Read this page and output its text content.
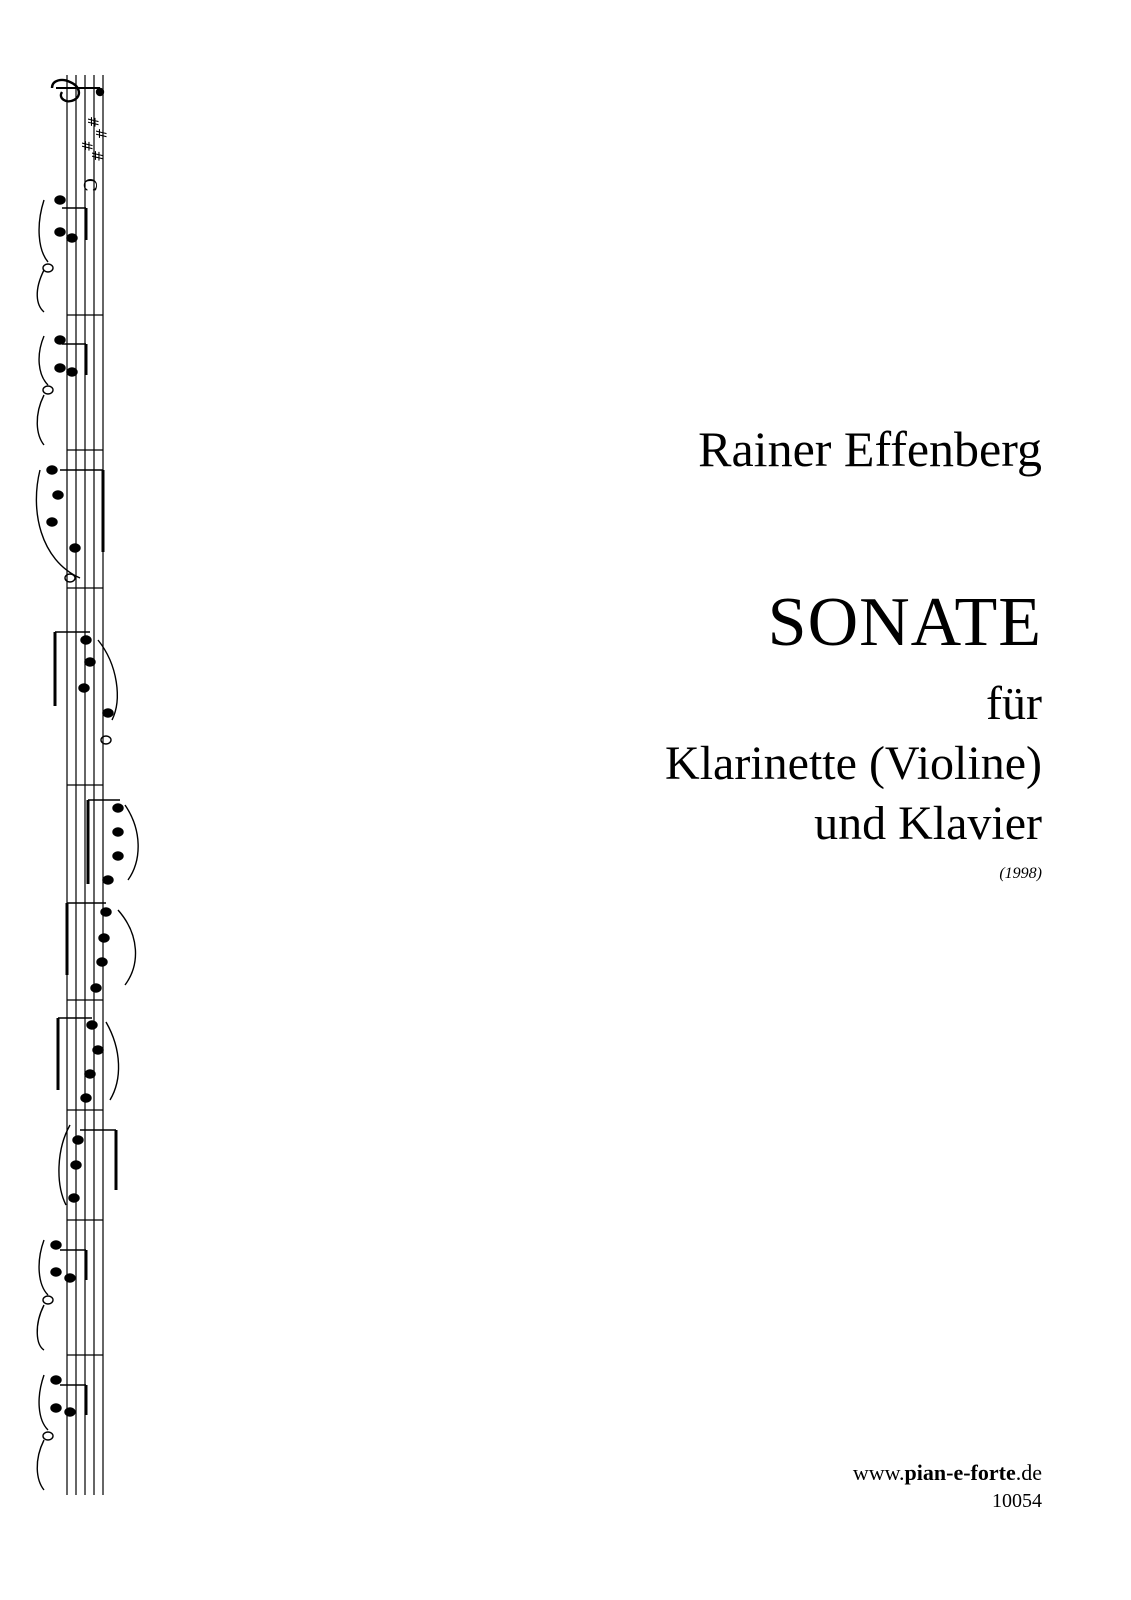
#
#
#
#
C
Rainer Effenberg
SONATE
für
Klarinette (Violine)
und Klavier
(1998)
www.pian-e-forte.de
10054
